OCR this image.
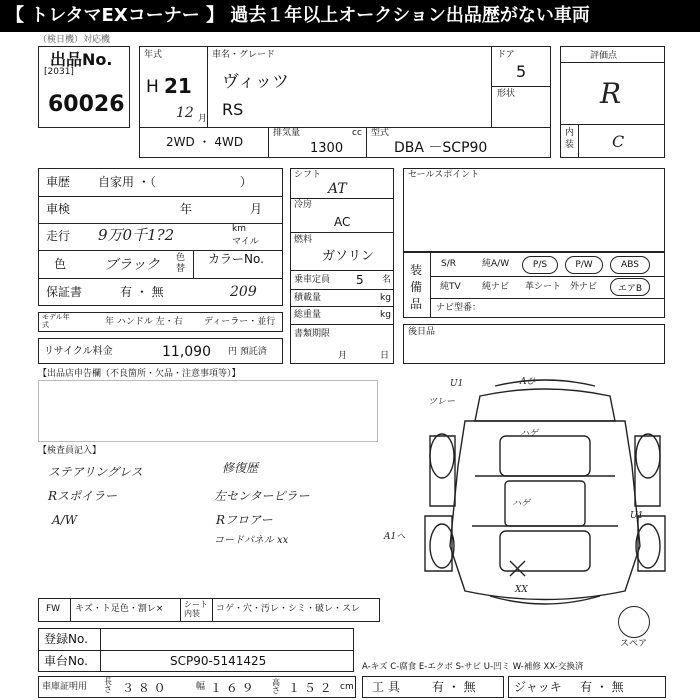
【 トレタマEXコーナー 】 過去１年以上オークション出品歴がない車両
（検日機）対応機
出品No.
[2031]
60026
年式
H 21
12 月
車名・グレード
ヴィッツ
RS
ドア
5
形状
2WD ・ 4WD
排気量	cc
1300
型式
DBA －SCP90
評価点
R
内装 C
車歴 自家用 ・（　　　　　　　）
車検	年	月
走行 9万0千1?2	km
マイル
色	ブラック 色替
カラーNo.
保証書	有 ・ 無	209
モデル年式	年 ハンドル 左・右 ディーラー・並行
リサイクル料金	11,090 円 預託済
シフト
AT
冷房
AC
燃料
ガソリン
乗車定員 5 名
積載量	kg
総重量	kg
書類期限
月	日
セールスポイント
装備品
S/R	純A/W	P/S	P/W	ABS
純TV 純ナビ 革シート 外ナビ	エアB
ナビ型番：
後日品
【出品店申告欄（不良箇所・欠品・注意事項等）】
【検査員記入】
ステアリングレス
Rスポイラー
A/W
修復歴
左センターピラー
Rフロアー
コードパネル xx
U1
ツレー
Aひ
ハゲ
ハゲ
U1
A1ヘ
XX
スペア
FW キズ・ト足色・割レ×	シート内装	コゲ・穴・汚レ・シミ・破レ・スレ
登録No.
車台No.	SCP90-5141425	A-キズ C-腐食 E-エクボ S-サビ U-凹ミ W-補修 XX-交換済
車庫証明用
長さ ３ ８ ０	幅 １ ６ ９ 高さ １ ５ ２ cm 工 具	有 ・ 無	ジャッキ 有 ・ 無
